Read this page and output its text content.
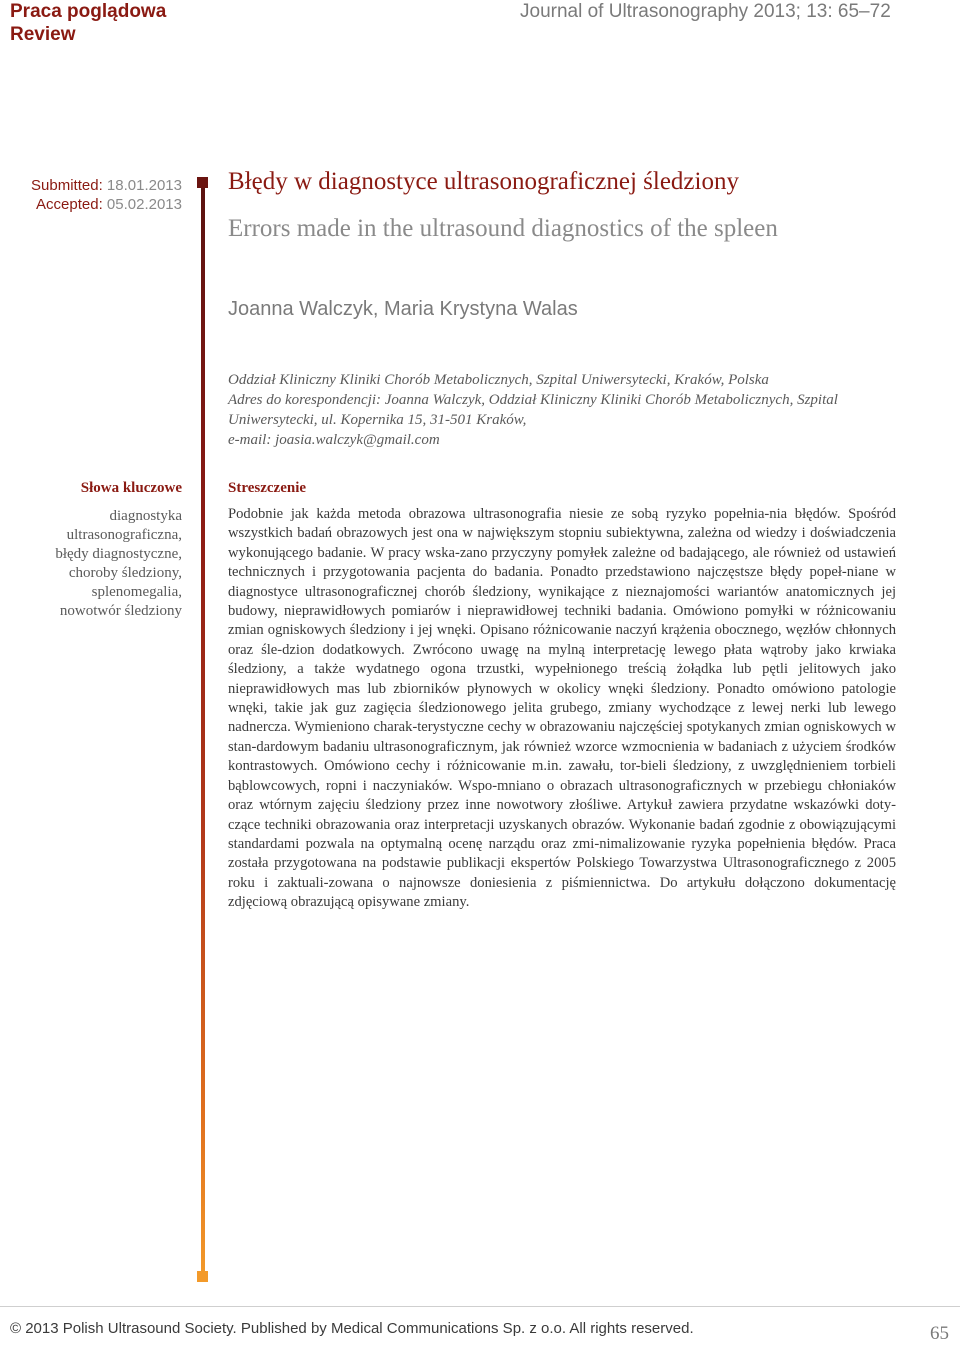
Praca poglądowa
Review
Journal of Ultrasonography 2013; 13: 65–72
Submitted: 18.01.2013
Accepted: 05.02.2013
Błędy w diagnostyce ultrasonograficznej śledziony
Errors made in the ultrasound diagnostics of the spleen
Joanna Walczyk, Maria Krystyna Walas

Oddział Kliniczny Kliniki Chorób Metabolicznych, Szpital Uniwersytecki, Kraków, Polska

Adres do korespondencji: Joanna Walczyk, Oddział Kliniczny Kliniki Chorób Metabolicznych, Szpital Uniwersytecki, ul. Kopernika 15, 31-501 Kraków,

e-mail: joasia.walczyk@gmail.com

Słowa kluczowe
diagnostyka
ultrasonograficzna,
błędy diagnostyczne,
choroby śledziony,
splenomegalia,
nowotwór śledziony
Streszczenie

Podobnie jak każda metoda obrazowa ultrasonografia niesie ze sobą ryzyko popełnia-nia błędów. Spośród wszystkich badań obrazowych jest ona w największym stopniu subiektywna, zależna od wiedzy i doświadczenia wykonującego badanie. W pracy wska-zano przyczyny pomyłek zależne od badającego, ale również od ustawień technicznych i przygotowania pacjenta do badania. Ponadto przedstawiono najczęstsze błędy popeł-niane w diagnostyce ultrasonograficznej chorób śledziony, wynikające z nieznajomości wariantów anatomicznych jej budowy, nieprawidłowych pomiarów i nieprawidłowej techniki badania. Omówiono pomyłki w różnicowaniu zmian ogniskowych śledziony i jej wnęki. Opisano różnicowanie naczyń krążenia obocznego, węzłów chłonnych oraz śle-dzion dodatkowych. Zwrócono uwagę na mylną interpretację lewego płata wątroby jako krwiaka śledziony, a także wydatnego ogona trzustki, wypełnionego treścią żołądka lub pętli jelitowych jako nieprawidłowych mas lub zbiorników płynowych w okolicy wnęki śledziony. Ponadto omówiono patologie wnęki, takie jak guz zagięcia śledzionowego jelita grubego, zmiany wychodzące z lewej nerki lub lewego nadnercza. Wymieniono charak-terystyczne cechy w obrazowaniu najczęściej spotykanych zmian ogniskowych w stan-dardowym badaniu ultrasonograficznym, jak również wzorce wzmocnienia w badaniach z użyciem środków kontrastowych. Omówiono cechy i różnicowanie m.in. zawału, tor-bieli śledziony, z uwzględnieniem torbieli bąblowcowych, ropni i naczyniaków. Wspo-mniano o obrazach ultrasonograficznych w przebiegu chłoniaków oraz wtórnym zajęciu śledziony przez inne nowotwory złośliwe. Artykuł zawiera przydatne wskazówki doty-czące techniki obrazowania oraz interpretacji uzyskanych obrazów. Wykonanie badań zgodnie z obowiązującymi standardami pozwala na optymalną ocenę narządu oraz zmi-nimalizowanie ryzyka popełnienia błędów. Praca została przygotowana na podstawie publikacji ekspertów Polskiego Towarzystwa Ultrasonograficznego z 2005 roku i zaktuali-zowana o najnowsze doniesienia z piśmiennictwa. Do artykułu dołączono dokumentację zdjęciową obrazującą opisywane zmiany.

© 2013 Polish Ultrasound Society. Published by Medical Communications Sp. z o.o. All rights reserved.	65
